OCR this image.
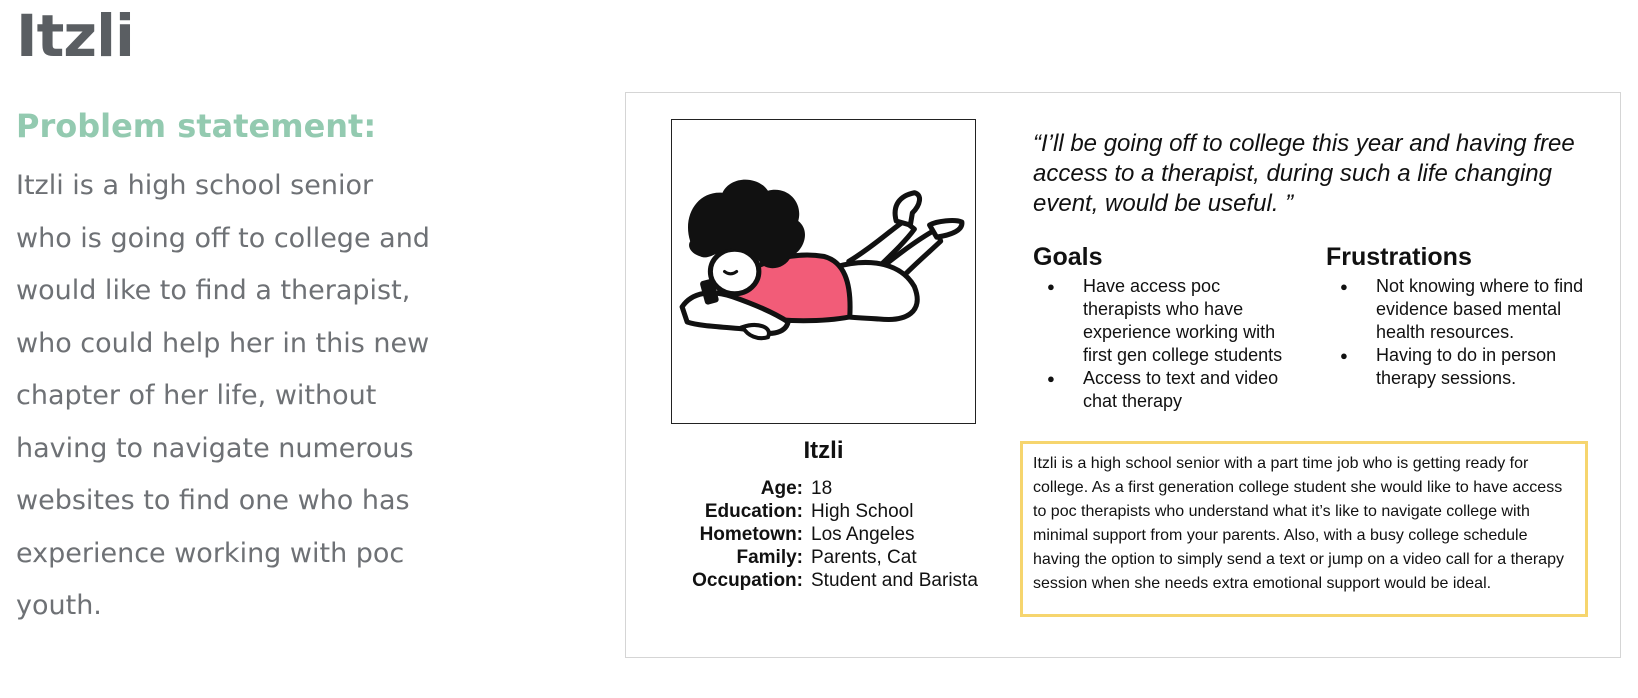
Itzli
Problem statement:

Itzli is a high school senior who is going off to college and would like to find a therapist, who could help her in this new chapter of her life, without having to navigate numerous websites to find one who has experience working with poc youth.

Itzli
Age: 18
Education: High School
Hometown: Los Angeles
Family: Parents, Cat
Occupation: Student and Barista

“I’ll be going off to college this year and having free access to a therapist, during such a life changing event, would be useful. ”

Goals
● Have access poc therapists who have experience working with first gen college students
● Access to text and video chat therapy
Frustrations
● Not knowing where to find evidence based mental health resources.
● Having to do in person therapy sessions.
Itzli is a high school senior with a part time job who is getting ready for college. As a first generation college student she would like to have access to poc therapists who understand what it’s like to navigate college with minimal support from your parents. Also, with a busy college schedule having the option to simply send a text or jump on a video call for a therapy session when she needs extra emotional support would be ideal.
